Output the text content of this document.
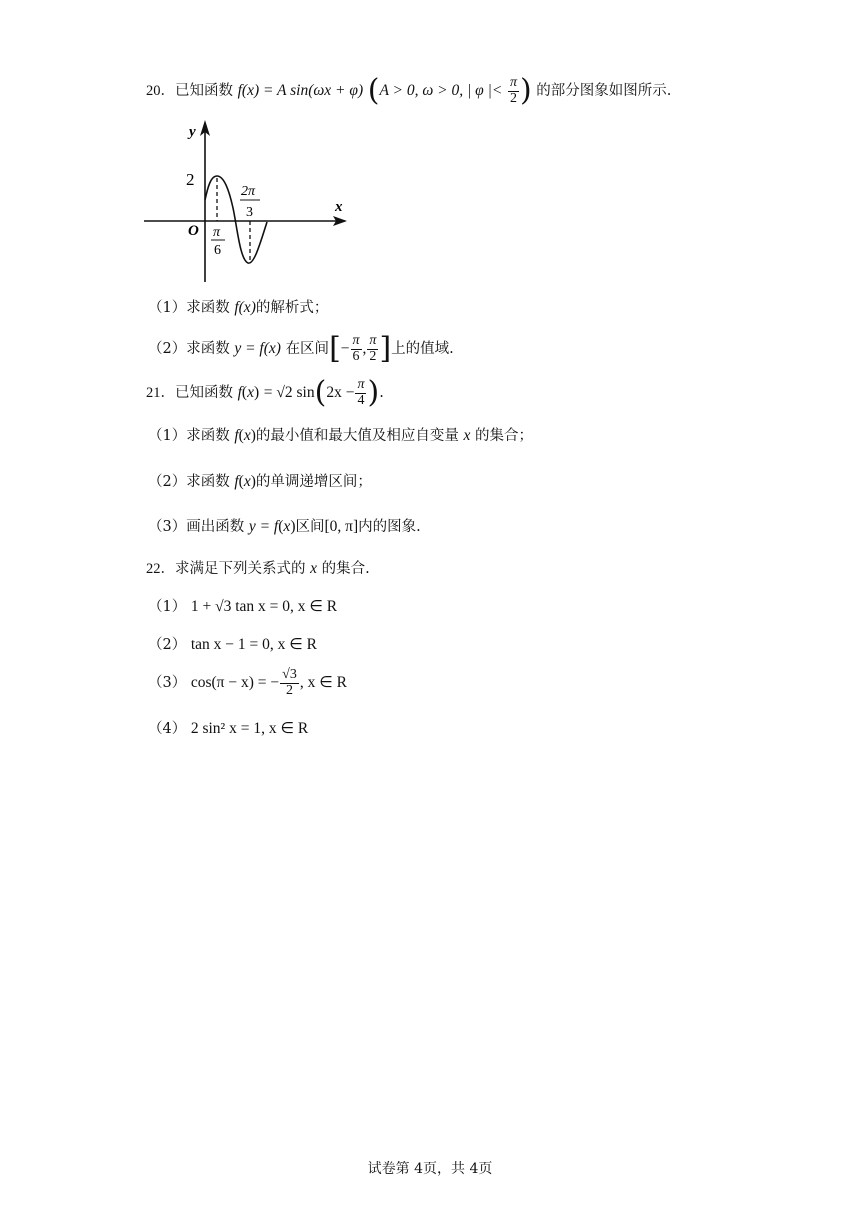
20．已知函数 f(x) = A sin(ωx + φ) (A > 0, ω > 0, | φ |< $\frac{\pi}{2}$ ) 的部分图象如图所示.
y
x
O
2
π
6
2π
3
（1）求函数 f(x)的解析式；
（2）求函数 y = f(x) 在区间[− $\frac{\pi}{6}$ , $\frac{\pi}{2}$ ]上的值域.
21．已知函数 f(x) = √2 $\sin(2x - \frac{\pi}{4}$ ).
（1）求函数 f(x)的最小值和最大值及相应自变量 x 的集合；
（2）求函数 f(x)的单调递增区间；
（3）画出函数 y = f(x)区间[0, π]内的图象.
22．求满足下列关系式的 x 的集合.
（1） 1 + √3 tan x = 0, x ∈ R
（2） tan x − 1 = 0, x ∈ R
（3） cos(π − x) = − $\frac{√3}{2}$ , x ∈ R
（4） 2 sin² x = 1, x ∈ R
试卷第 4页，共 4页
